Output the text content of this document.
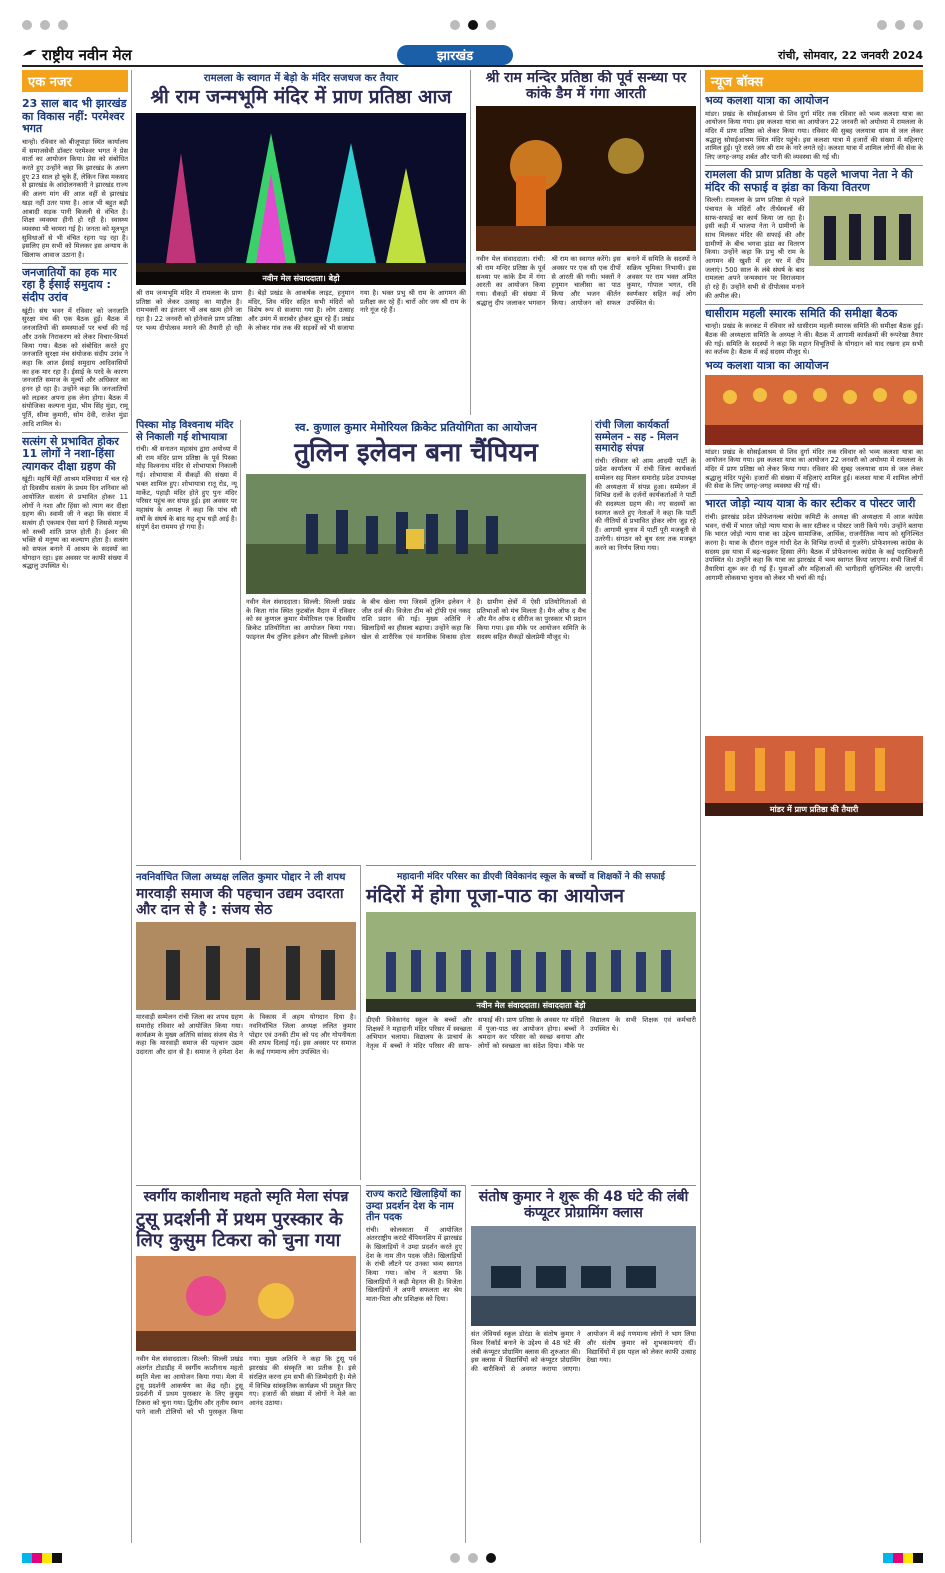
राष्ट्रीय नवीन मेल	झारखंड	रांची, सोमवार, 22 जनवरी 2024
एक नजर
23 साल बाद भी झारखंड का विकास नहीं: परमेश्वर भगत
चान्हो। रविवार को बीजूपाड़ा स्थित कार्यालय में समाजसेवी डॉक्टर परमेश्वर भगत ने प्रेस वार्ता का आयोजन किया। प्रेस को संबोधित करते हुए उन्होंने कहा कि झारखंड के अलग हुए 23 साल हो चुके हैं, लेकिन जिस मकसद से झारखंड के आंदोलनकारी ने झारखंड राज्य की अलग मांग की आज वहीं से झारखंड खड़ा नहीं उतर पाया है। आज भी बहुत बड़ी आबादी सड़क पानी बिजली से वंचित है। शिक्षा व्यवस्था हीनी हो रही है। स्वास्थ्य व्यवस्था भी चरमरा गई है। जनता को मूलभूत सुविधाओं से भी वंचित रहना पड़ रहा है। इसलिए हम सभी को मिलकर इस अन्याय के खिलाफ आवाज उठाना है।
जनजातियों का हक मार रहा है ईसाई समुदाय : संदीप उरांव
खूंटी। संघ भवन में रविवार को जनजाति सुरक्षा मंच की एक बैठक हुई। बैठक में जनजातियों की समस्याओं पर चर्चा की गई और उनके निराकरण को लेकर विचार-विमर्श किया गया। बैठक को संबोधित करते हुए जनजाति सुरक्षा मंच संयोजक संदीप उरांव ने कहा कि आज ईसाई समुदाय आदिवासियों का हक मार रहा है। ईसाई के परदे के कारण जनजाति समाज के मूल्यों और अधिकार का हनन हो रहा है। उन्होंने कहा कि जनजातियों को लड़कर अपना हक लेना होगा। बैठक में संयोजिका कल्पना मुंडा, भीम सिंह मुंडा, रामू पूर्ति, सीमा कुमारी, सोम देवी, राजेश मुंडा आदि शामिल थे।
सत्संग से प्रभावित होकर 11 लोगों ने नशा-हिंसा त्यागकर दीक्षा ग्रहण की
खूंटी। महर्षि मेंहीं आश्रम मलियादा में चल रहे दो दिवसीय सत्संग के प्रथम दिन शनिवार को आयोजित सत्संग से प्रभावित होकर 11 लोगों ने नशा और हिंसा को त्याग कर दीक्षा ग्रहण की। स्वामी जी ने कहा कि संसार में सत्संग ही एकमात्र ऐसा मार्ग है जिससे मनुष्य को सच्ची शांति प्राप्त होती है। ईश्वर की भक्ति से मनुष्य का कल्याण होता है। सत्संग को सफल बनाने में आश्रम के सदस्यों का योगदान रहा। इस अवसर पर काफी संख्या में श्रद्धालु उपस्थित थे।
रामलला के स्वागत में बेड़ो के मंदिर सजधज कर तैयार
श्री राम जन्मभूमि मंदिर में प्राण प्रतिष्ठा आज
नवीन मेल संवाददाता। बेड़ो
श्री राम जन्मभूमि मंदिर में रामलला के प्राण प्रतिष्ठा को लेकर उत्साह का माहौल है। रामभक्तों का इंतजार भी अब खत्म होने जा रहा है। 22 जनवरी को होनेवाले प्राण प्रतिष्ठा पर भव्य दीपोत्सव मनाने की तैयारी हो रही है। बेड़ो प्रखंड के आकर्षक लाइट, हनुमान मंदिर, शिव मंदिर सहित सभी मंदिरों को विशेष रूप से सजाया गया है। लोग उत्साह और उमंग में सराबोर होकर झूम रहे हैं। प्रखंड के लोकर गांव तक की सड़कों को भी सजाया गया है। भक्त प्रभु श्री राम के आगमन की प्रतीक्षा कर रहे हैं। चारों ओर जय श्री राम के नारे गूंज रहे हैं।
श्री राम मन्दिर प्रतिष्ठा की पूर्व सन्ध्या पर कांके डैम में गंगा आरती
नवीन मेल संवाददाता। रांची: श्री राम मन्दिर प्रतिष्ठा के पूर्व सन्ध्या पर कांके डैम में गंगा आरती का आयोजन किया गया। सैकड़ों की संख्या में श्रद्धालु दीप जलाकर भगवान श्री राम का स्वागत करेंगे। इस अवसर पर एक सौ एक दीपों से आरती की गयी। भक्तों ने हनुमान चालीसा का पाठ किया और भजन कीर्तन किया। आयोजन को सफल बनाने में समिति के सदस्यों ने सक्रिय भूमिका निभायी। इस अवसर पर राम भक्त अमित कुमार, गोपाल भगत, रवि स्वर्णकार सहित कई लोग उपस्थित थे।
पिस्का मोड़ विश्वनाथ मंदिर से निकाली गई शोभायात्रा
रांची। श्री सनातन महासंघ द्वारा अयोध्या में श्री राम मंदिर प्राण प्रतिष्ठा के पूर्व पिस्का मोड़ विश्वनाथ मंदिर से शोभायात्रा निकाली गई। शोभायात्रा में सैकड़ों की संख्या में भक्त शामिल हुए। शोभायात्रा रातू रोड, न्यू मार्केट, पहाड़ी मंदिर होते हुए पुनः मंदिर परिसर पहुंच कर संपन्न हुई। इस अवसर पर महासंघ के अध्यक्ष ने कहा कि पांच सौ वर्षों के संघर्ष के बाद यह शुभ घड़ी आई है। संपूर्ण देश राममय हो गया है।
स्व. कुणाल कुमार मेमोरियल क्रिकेट प्रतियोगिता का आयोजन
तुलिन इलेवन बना चैंपियन
नवीन मेल संवाददाता। सिल्ली: सिल्ली प्रखंड के किता गांव स्थित फुटबॉल मैदान में रविवार को स्व कुणाल कुमार मेमोरियल एक दिवसीय क्रिकेट प्रतियोगिता का आयोजन किया गया। फाइनल मैच तुलिन इलेवन और सिल्ली इलेवन के बीच खेला गया जिसमें तुलिन इलेवन ने जीत दर्ज की। विजेता टीम को ट्रॉफी एवं नकद राशि प्रदान की गई। मुख्य अतिथि ने खिलाड़ियों का हौसला बढ़ाया। उन्होंने कहा कि खेल से शारीरिक एवं मानसिक विकास होता है। ग्रामीण क्षेत्रों में ऐसी प्रतियोगिताओं से प्रतिभाओं को मंच मिलता है। मैन ऑफ द मैच और मैन ऑफ द सीरीज का पुरस्कार भी प्रदान किया गया। इस मौके पर आयोजन समिति के सदस्य सहित सैकड़ों खेलप्रेमी मौजूद थे।
रांची जिला कार्यकर्ता सम्मेलन - सह - मिलन समारोह संपन्न
रांची। रविवार को आम आदमी पार्टी के प्रदेश कार्यालय में रांची जिला कार्यकर्ता सम्मेलन सह मिलन समारोह प्रदेश उपाध्यक्ष की अध्यक्षता में संपन्न हुआ। सम्मेलन में विभिन्न दलों के दर्जनों कार्यकर्ताओं ने पार्टी की सदस्यता ग्रहण की। नए सदस्यों का स्वागत करते हुए नेताओं ने कहा कि पार्टी की नीतियों से प्रभावित होकर लोग जुड़ रहे हैं। आगामी चुनाव में पार्टी पूरी मजबूती से उतरेगी। संगठन को बूथ स्तर तक मजबूत करने का निर्णय लिया गया।
नवनिर्वाचित जिला अध्यक्ष ललित कुमार पोद्दार ने ली शपथ
मारवाड़ी समाज की पहचान उद्यम उदारता और दान से है : संजय सेठ
मारवाड़ी सम्मेलन रांची जिला का शपथ ग्रहण समारोह रविवार को आयोजित किया गया। कार्यक्रम के मुख्य अतिथि सांसद संजय सेठ ने कहा कि मारवाड़ी समाज की पहचान उद्यम उदारता और दान से है। समाज ने हमेशा देश के विकास में अहम योगदान दिया है। नवनिर्वाचित जिला अध्यक्ष ललित कुमार पोद्दार एवं उनकी टीम को पद और गोपनीयता की शपथ दिलाई गई। इस अवसर पर समाज के कई गणमान्य लोग उपस्थित थे।
महादानी मंदिर परिसर का डीएवी विवेकानंद स्कूल के बच्चों व शिक्षकों ने की सफाई
मंदिरों में होगा पूजा-पाठ का आयोजन
नवीन मेल संवाददाता। संवाददाता बेड़ो
डीएवी विवेकानंद स्कूल के बच्चों और शिक्षकों ने महादानी मंदिर परिसर में स्वच्छता अभियान चलाया। विद्यालय के प्राचार्य के नेतृत्व में बच्चों ने मंदिर परिसर की साफ-सफाई की। प्राण प्रतिष्ठा के अवसर पर मंदिरों में पूजा-पाठ का आयोजन होगा। बच्चों ने श्रमदान कर परिसर को स्वच्छ बनाया और लोगों को स्वच्छता का संदेश दिया। मौके पर विद्यालय के सभी शिक्षक एवं कर्मचारी उपस्थित थे।
स्वर्गीय काशीनाथ महतो स्मृति मेला संपन्न
टुसू प्रदर्शनी में प्रथम पुरस्कार के लिए कुसुम टिकरा को चुना गया
नवीन मेल संवाददाता। सिल्ली: सिल्ली प्रखंड अंतर्गत टोडाडीह में स्वर्गीय काशीनाथ महतो स्मृति मेला का आयोजन किया गया। मेला में टुसू प्रदर्शनी आकर्षण का केंद्र रही। टुसू प्रदर्शनी में प्रथम पुरस्कार के लिए कुसुम टिकरा को चुना गया। द्वितीय और तृतीय स्थान पाने वाली टोलियों को भी पुरस्कृत किया गया। मुख्य अतिथि ने कहा कि टुसू पर्व झारखंड की संस्कृति का प्रतीक है। इसे संरक्षित करना हम सभी की जिम्मेदारी है। मेले में विभिन्न सांस्कृतिक कार्यक्रम भी प्रस्तुत किए गए। हजारों की संख्या में लोगों ने मेले का आनंद उठाया।
राज्य कराटे खिलाड़ियों का उम्दा प्रदर्शन देश के नाम तीन पदक
रांची। कोलकाता में आयोजित अंतरराष्ट्रीय कराटे चैंपियनशिप में झारखंड के खिलाड़ियों ने उम्दा प्रदर्शन करते हुए देश के नाम तीन पदक जीते। खिलाड़ियों के रांची लौटने पर उनका भव्य स्वागत किया गया। कोच ने बताया कि खिलाड़ियों ने कड़ी मेहनत की है। विजेता खिलाड़ियों ने अपनी सफलता का श्रेय माता-पिता और प्रशिक्षक को दिया।
संतोष कुमार ने शुरू की 48 घंटे की लंबी कंप्यूटर प्रोग्रामिंग क्लास
संत जेवियर्स स्कूल डोरंडा के संतोष कुमार ने विश्व रिकॉर्ड बनाने के उद्देश्य से 48 घंटे की लंबी कंप्यूटर प्रोग्रामिंग क्लास की शुरुआत की। इस क्लास में विद्यार्थियों को कंप्यूटर प्रोग्रामिंग की बारीकियों से अवगत कराया जाएगा। आयोजन में कई गणमान्य लोगों ने भाग लिया और संतोष कुमार को शुभकामनाएं दीं। विद्यार्थियों में इस पहल को लेकर काफी उत्साह देखा गया।
न्यूज बॉक्स
भव्य कलशा यात्रा का आयोजन
मांडर। प्रखंड के सोसईआश्रम से शिव दुर्गा मंदिर तक रविवार को भव्य कलशा यात्रा का आयोजन किया गया। इस कलशा यात्रा का आयोजन 22 जनवरी को अयोध्या में रामलला के मंदिर में प्राण प्रतिष्ठा को लेकर किया गया। रविवार की सुबह जलयात्रा धाम से जल लेकर श्रद्धालु सोसईआश्रम स्थित मंदिर पहुंचे। इस कलशा यात्रा में हजारों की संख्या में महिलाएं शामिल हुईं। पूरे रास्ते जय श्री राम के नारे लगते रहे। कलशा यात्रा में शामिल लोगों की सेवा के लिए जगह-जगह शर्बत और पानी की व्यवस्था की गई थी।
रामलला की प्राण प्रतिष्ठा के पहले भाजपा नेता ने की मंदिर की सफाई व झंडा का किया वितरण
सिल्ली। रामलला के प्राण प्रतिष्ठा से पहले पंचायत के मंदिरों और तीर्थस्थलों की साफ-सफाई का कार्य किया जा रहा है। इसी कड़ी में भाजपा नेता ने ग्रामीणों के साथ मिलकर मंदिर की सफाई की और ग्रामीणों के बीच भगवा झंडा का वितरण किया। उन्होंने कहा कि प्रभु श्री राम के आगमन की खुशी में हर घर में दीप जलाएं। 500 साल के लंबे संघर्ष के बाद रामलला अपने जन्मस्थान पर विराजमान हो रहे हैं। उन्होंने सभी से दीपोत्सव मनाने की अपील की।
धासीराम महली स्मारक समिति की समीक्षा बैठक
चान्हो। प्रखंड के करकट में रविवार को धासीराम महली स्मारक समिति की समीक्षा बैठक हुई। बैठक की अध्यक्षता समिति के अध्यक्ष ने की। बैठक में आगामी कार्यक्रमों की रूपरेखा तैयार की गई। समिति के सदस्यों ने कहा कि महान विभूतियों के योगदान को याद रखना हम सभी का कर्तव्य है। बैठक में कई सदस्य मौजूद थे।
भव्य कलशा यात्रा का आयोजन
मांडर। प्रखंड के सोसईआश्रम से शिव दुर्गा मंदिर तक रविवार को भव्य कलशा यात्रा का आयोजन किया गया। इस कलशा यात्रा का आयोजन 22 जनवरी को अयोध्या में रामलला के मंदिर में प्राण प्रतिष्ठा को लेकर किया गया। रविवार की सुबह जलयात्रा धाम से जल लेकर श्रद्धालु मंदिर पहुंचे। हजारों की संख्या में महिलाएं शामिल हुईं। कलशा यात्रा में शामिल लोगों की सेवा के लिए जगह-जगह व्यवस्था की गई थी।
भारत जोड़ो न्याय यात्रा के कार स्टीकर व पोस्टर जारी
रांची। झारखंड प्रदेश प्रोफेशनल्स कांग्रेस कमिटी के अध्यक्ष की अध्यक्षता में आज कांग्रेस भवन, रांची में भारत जोड़ो न्याय यात्रा के कार स्टीकर व पोस्टर जारी किये गये। उन्होंने बताया कि भारत जोड़ो न्याय यात्रा का उद्देश्य सामाजिक, आर्थिक, राजनीतिक न्याय को सुनिश्चित करना है। यात्रा के दौरान राहुल गांधी देश के विभिन्न राज्यों से गुजरेंगे। प्रोफेशनल्स कांग्रेस के सदस्य इस यात्रा में बढ़-चढ़कर हिस्सा लेंगे। बैठक में प्रोफेशनल्स कांग्रेस के कई पदाधिकारी उपस्थित थे। उन्होंने कहा कि यात्रा का झारखंड में भव्य स्वागत किया जाएगा। सभी जिलों में तैयारियां शुरू कर दी गई हैं। युवाओं और महिलाओं की भागीदारी सुनिश्चित की जाएगी। आगामी लोकसभा चुनाव को लेकर भी चर्चा की गई।
मांडर में प्राण प्रतिष्ठा की तैयारी
